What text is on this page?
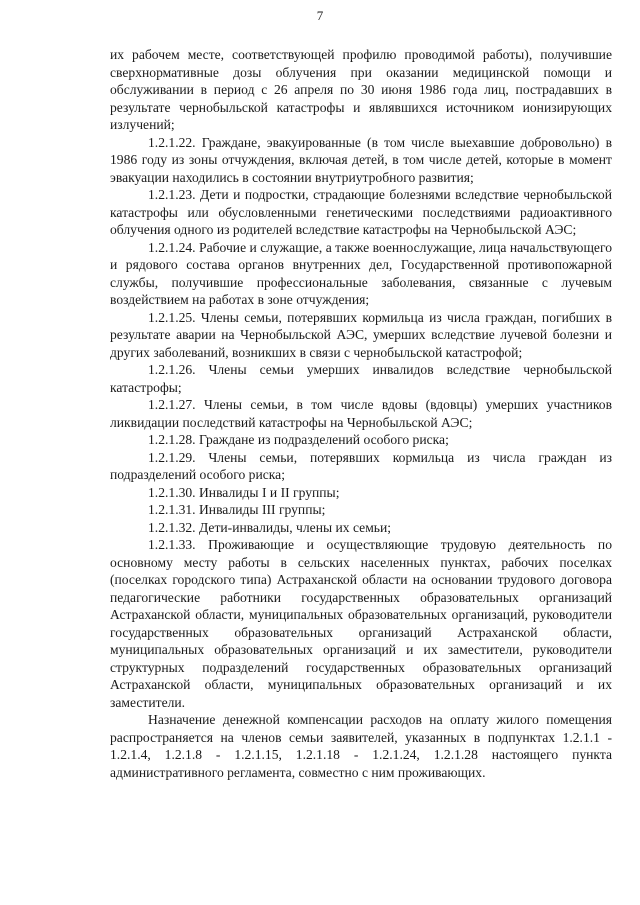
7

их рабочем месте, соответствующей профилю проводимой работы), получившие сверхнормативные дозы облучения при оказании медицинской помощи и обслуживании в период с 26 апреля по 30 июня 1986 года лиц, пострадавших в результате чернобыльской катастрофы и являвшихся источником ионизирующих излучений;

1.2.1.22. Граждане, эвакуированные (в том числе выехавшие добровольно) в 1986 году из зоны отчуждения, включая детей, в том числе детей, которые в момент эвакуации находились в состоянии внутриутробного развития;

1.2.1.23. Дети и подростки, страдающие болезнями вследствие чернобыльской катастрофы или обусловленными генетическими последствиями радиоактивного облучения одного из родителей вследствие катастрофы на Чернобыльской АЭС;

1.2.1.24. Рабочие и служащие, а также военнослужащие, лица начальствующего и рядового состава органов внутренних дел, Государственной противопожарной службы, получившие профессиональные заболевания, связанные с лучевым воздействием на работах в зоне отчуждения;

1.2.1.25. Члены семьи, потерявших кормильца из числа граждан, погибших в результате аварии на Чернобыльской АЭС, умерших вследствие лучевой болезни и других заболеваний, возникших в связи с чернобыльской катастрофой;

1.2.1.26. Члены семьи умерших инвалидов вследствие чернобыльской катастрофы;

1.2.1.27. Члены семьи, в том числе вдовы (вдовцы) умерших участников ликвидации последствий катастрофы на Чернобыльской АЭС;

1.2.1.28. Граждане из подразделений особого риска;

1.2.1.29. Члены семьи, потерявших кормильца из числа граждан из подразделений особого риска;

1.2.1.30. Инвалиды I и II группы;

1.2.1.31. Инвалиды III группы;

1.2.1.32. Дети-инвалиды, члены их семьи;

1.2.1.33. Проживающие и осуществляющие трудовую деятельность по основному месту работы в сельских населенных пунктах, рабочих поселках (поселках городского типа) Астраханской области на основании трудового договора педагогические работники государственных образовательных организаций Астраханской области, муниципальных образовательных организаций, руководители государственных образовательных организаций Астраханской области, муниципальных образовательных организаций и их заместители, руководители структурных подразделений государственных образовательных организаций Астраханской области, муниципальных образовательных организаций и их заместители.

Назначение денежной компенсации расходов на оплату жилого помещения распространяется на членов семьи заявителей, указанных в подпунктах 1.2.1.1 - 1.2.1.4, 1.2.1.8 - 1.2.1.15, 1.2.1.18 - 1.2.1.24, 1.2.1.28 настоящего пункта административного регламента, совместно с ним проживающих.
